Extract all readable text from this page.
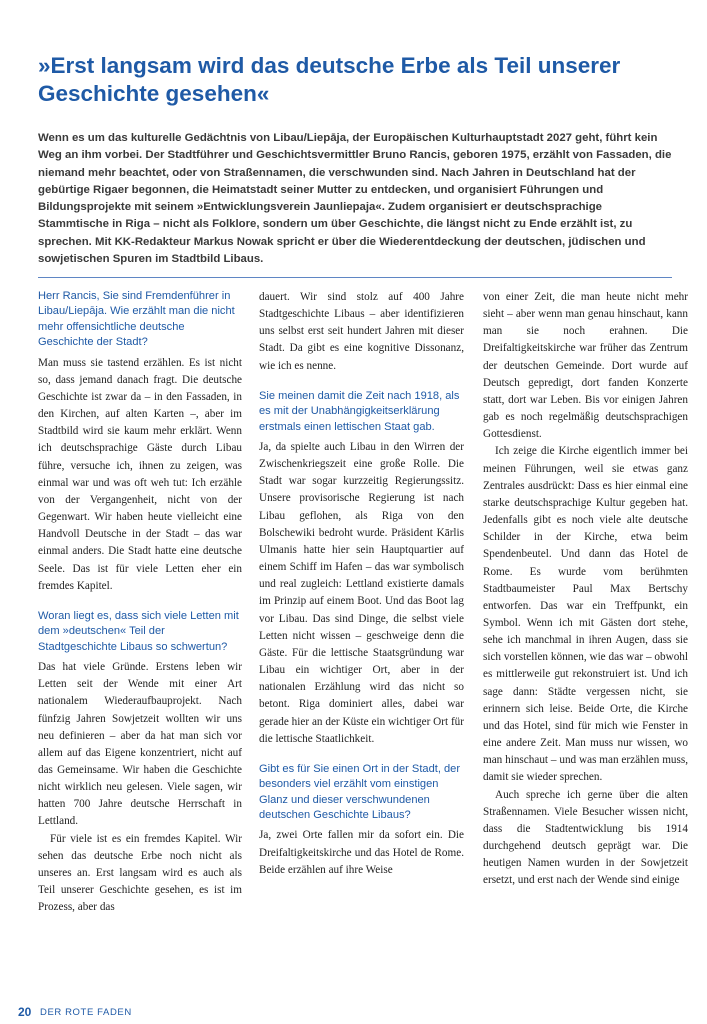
»Erst langsam wird das deutsche Erbe als Teil unserer Geschichte gesehen«

Wenn es um das kulturelle Gedächtnis von Libau/Liepāja, der Europäischen Kulturhauptstadt 2027 geht, führt kein Weg an ihm vorbei. Der Stadtführer und Geschichtsvermittler Bruno Rancis, geboren 1975, erzählt von Fassaden, die niemand mehr beachtet, oder von Straßennamen, die verschwunden sind. Nach Jahren in Deutschland hat der gebürtige Rigaer begonnen, die Heimatstadt seiner Mutter zu entdecken, und organisiert Führungen und Bildungsprojekte mit seinem »Entwicklungsverein Jaunliepaja«. Zudem organisiert er deutschsprachige Stammtische in Riga – nicht als Folklore, sondern um über Geschichte, die längst nicht zu Ende erzählt ist, zu sprechen. Mit KK-Redakteur Markus Nowak spricht er über die Wiederentdeckung der deutschen, jüdischen und sowjetischen Spuren im Stadtbild Libaus.

Herr Rancis, Sie sind Fremdenführer in Libau/Liepāja. Wie erzählt man die nicht mehr offensichtliche deutsche Geschichte der Stadt?

Man muss sie tastend erzählen. Es ist nicht so, dass jemand danach fragt. Die deutsche Geschichte ist zwar da – in den Fassaden, in den Kirchen, auf alten Karten –, aber im Stadtbild wird sie kaum mehr erklärt. Wenn ich deutschsprachige Gäste durch Libau führe, versuche ich, ihnen zu zeigen, was einmal war und was oft weh tut: Ich erzähle von der Vergangenheit, nicht von der Gegenwart. Wir haben heute vielleicht eine Handvoll Deutsche in der Stadt – das war einmal anders. Die Stadt hatte eine deutsche Seele. Das ist für viele Letten eher ein fremdes Kapitel.

Woran liegt es, dass sich viele Letten mit dem »deutschen« Teil der Stadtgeschichte Libaus so schwertun?

Das hat viele Gründe. Erstens leben wir Letten seit der Wende mit einer Art nationalem Wiederaufbauprojekt. Nach fünfzig Jahren Sowjetzeit wollten wir uns neu definieren – aber da hat man sich vor allem auf das Eigene konzentriert, nicht auf das Gemeinsame. Wir haben die Geschichte nicht wirklich neu gelesen. Viele sagen, wir hatten 700 Jahre deutsche Herrschaft in Lettland.

Für viele ist es ein fremdes Kapitel. Wir sehen das deutsche Erbe noch nicht als unseres an. Erst langsam wird es auch als Teil unserer Geschichte gesehen, es ist im Prozess, aber das

dauert. Wir sind stolz auf 400 Jahre Stadtgeschichte Libaus – aber identifizieren uns selbst erst seit hundert Jahren mit dieser Stadt. Da gibt es eine kognitive Dissonanz, wie ich es nenne.

Sie meinen damit die Zeit nach 1918, als es mit der Unabhängigkeitserklärung erstmals einen lettischen Staat gab.

Ja, da spielte auch Libau in den Wirren der Zwischenkriegszeit eine große Rolle. Die Stadt war sogar kurzzeitig Regierungssitz. Unsere provisorische Regierung ist nach Libau geflohen, als Riga von den Bolschewiki bedroht wurde. Präsident Kārlis Ulmanis hatte hier sein Hauptquartier auf einem Schiff im Hafen – das war symbolisch und real zugleich: Lettland existierte damals im Prinzip auf einem Boot. Und das Boot lag vor Libau. Das sind Dinge, die selbst viele Letten nicht wissen – geschweige denn die Gäste. Für die lettische Staatsgründung war Libau ein wichtiger Ort, aber in der nationalen Erzählung wird das nicht so betont. Riga dominiert alles, dabei war gerade hier an der Küste ein wichtiger Ort für die lettische Staatlichkeit.

Gibt es für Sie einen Ort in der Stadt, der besonders viel erzählt vom einstigen Glanz und dieser verschwundenen deutschen Geschichte Libaus?

Ja, zwei Orte fallen mir da sofort ein. Die Dreifaltigkeitskirche und das Hotel de Rome. Beide erzählen auf ihre Weise

von einer Zeit, die man heute nicht mehr sieht – aber wenn man genau hinschaut, kann man sie noch erahnen. Die Dreifaltigkeitskirche war früher das Zentrum der deutschen Gemeinde. Dort wurde auf Deutsch gepredigt, dort fanden Konzerte statt, dort war Leben. Bis vor einigen Jahren gab es noch regelmäßig deutschsprachigen Gottesdienst.

Ich zeige die Kirche eigentlich immer bei meinen Führungen, weil sie etwas ganz Zentrales ausdrückt: Dass es hier einmal eine starke deutschsprachige Kultur gegeben hat. Jedenfalls gibt es noch viele alte deutsche Schilder in der Kirche, etwa beim Spendenbeutel. Und dann das Hotel de Rome. Es wurde vom berühmten Stadtbaumeister Paul Max Bertschy entworfen. Das war ein Treffpunkt, ein Symbol. Wenn ich mit Gästen dort stehe, sehe ich manchmal in ihren Augen, dass sie sich vorstellen können, wie das war – obwohl es mittlerweile gut rekonstruiert ist. Und ich sage dann: Städte vergessen nicht, sie erinnern sich leise. Beide Orte, die Kirche und das Hotel, sind für mich wie Fenster in eine andere Zeit. Man muss nur wissen, wo man hinschaut – und was man erzählen muss, damit sie wieder sprechen.

Auch spreche ich gerne über die alten Straßennamen. Viele Besucher wissen nicht, dass die Stadtentwicklung bis 1914 durchgehend deutsch geprägt war. Die heutigen Namen wurden in der Sowjetzeit ersetzt, und erst nach der Wende sind einige

20 DER ROTE FADEN
